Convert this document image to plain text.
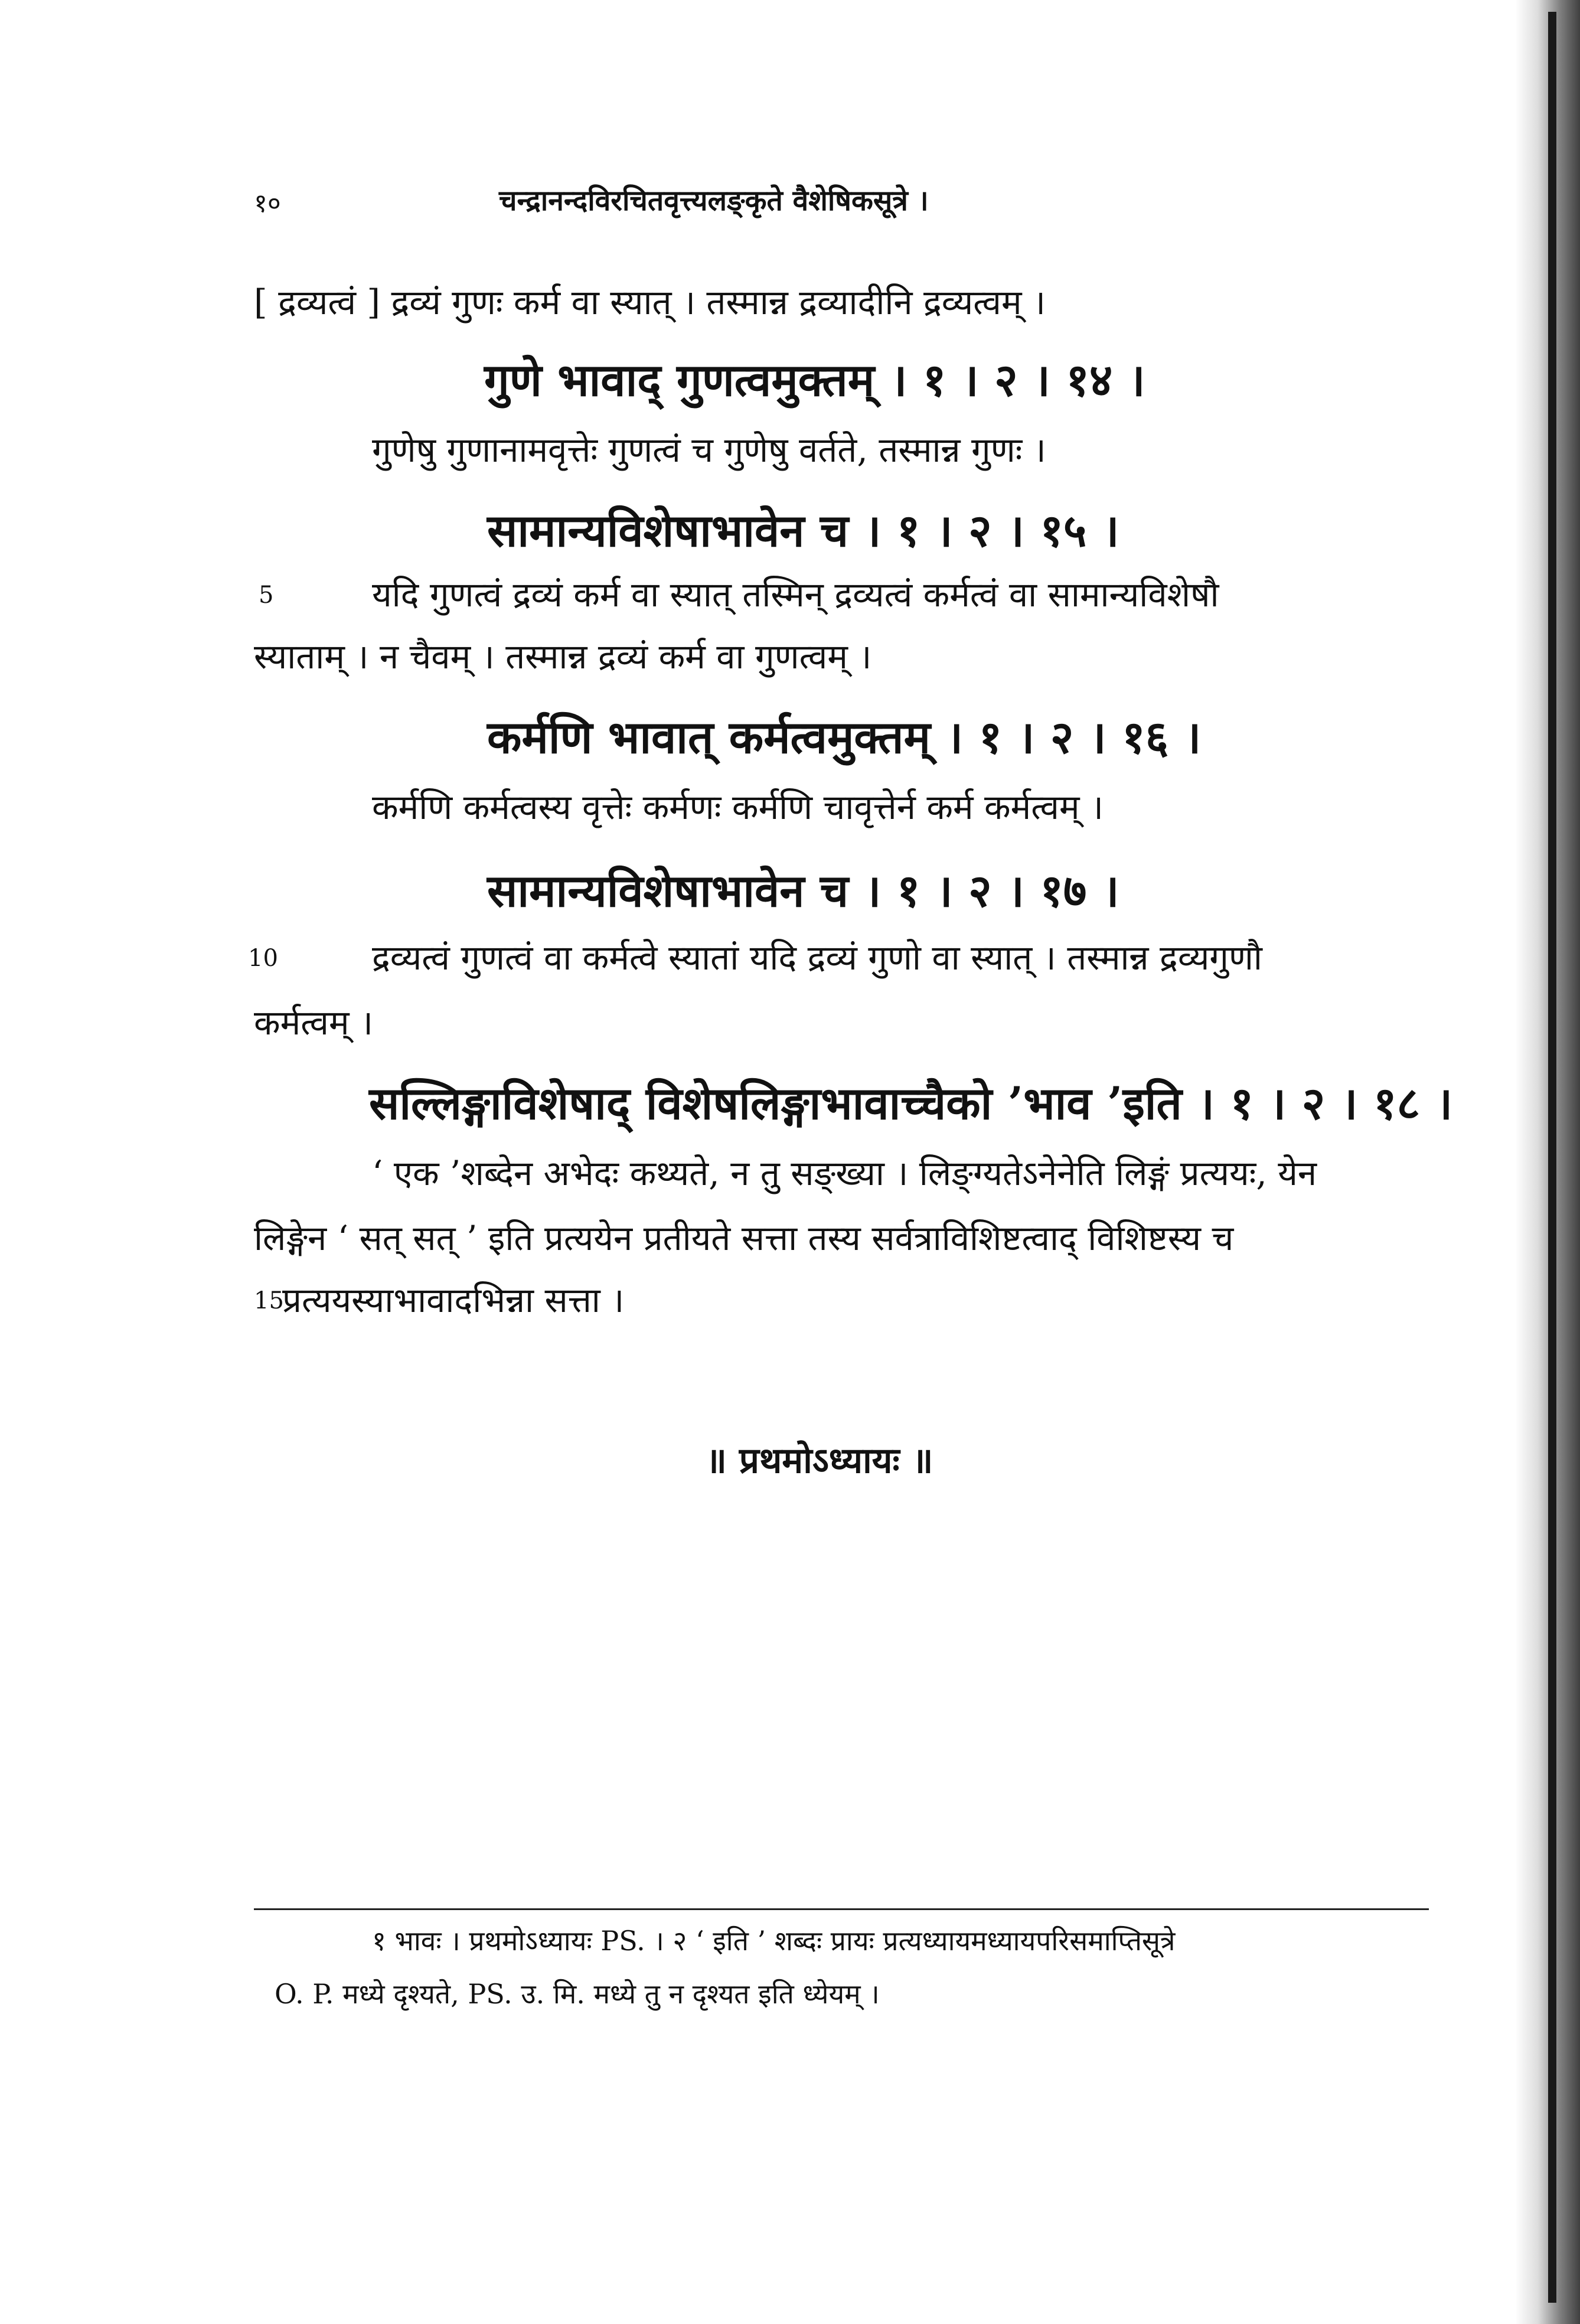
१०	चन्द्रानन्दविरचितवृत्त्यलङ्कृते वैशेषिकसूत्रे ।
[ द्रव्यत्वं ] द्रव्यं गुणः कर्म वा स्यात् । तस्मान्न द्रव्यादीनि द्रव्यत्वम् ।
गुणे भावाद् गुणत्वमुक्तम् । १ । २ । १४ ।
गुणेषु गुणानामवृत्तेः गुणत्वं च गुणेषु वर्तते, तस्मान्न गुणः ।
सामान्यविशेषाभावेन च । १ । २ । १५ ।
5	यदि गुणत्वं द्रव्यं कर्म वा स्यात् तस्मिन् द्रव्यत्वं कर्मत्वं वा सामान्यविशेषौ
स्याताम् । न चैवम् । तस्मान्न द्रव्यं कर्म वा गुणत्वम् ।
कर्मणि भावात् कर्मत्वमुक्तम् । १ । २ । १६ ।
कर्मणि कर्मत्वस्य वृत्तेः कर्मणः कर्मणि चावृत्तेर्न कर्म कर्मत्वम् ।
सामान्यविशेषाभावेन च । १ । २ । १७ ।
10	द्रव्यत्वं गुणत्वं वा कर्मत्वे स्यातां यदि द्रव्यं गुणो वा स्यात् । तस्मान्न द्रव्यगुणौ
कर्मत्वम् ।
सल्लिङ्गाविशेषाद् विशेषलिङ्गाभावाच्चैको ’भाव ’इति । १ । २ । १८ ।
‘ एक ’शब्देन अभेदः कथ्यते, न तु सङ्ख्या । लिङ्ग्यतेऽनेनेति लिङ्गं प्रत्ययः, येन
लिङ्गेन ‘ सत् सत् ’ इति प्रत्ययेन प्रतीयते सत्ता तस्य सर्वत्राविशिष्टत्वाद् विशिष्टस्य च
15
प्रत्ययस्याभावादभिन्ना सत्ता ।
॥ प्रथमोऽध्यायः ॥
१ भावः । प्रथमोऽध्यायः PS. । २ ‘ इति ’ शब्दः प्रायः प्रत्यध्यायमध्यायपरिसमाप्तिसूत्रे
O. P. मध्ये दृश्यते, PS. उ. मि. मध्ये तु न दृश्यत इति ध्येयम् ।
